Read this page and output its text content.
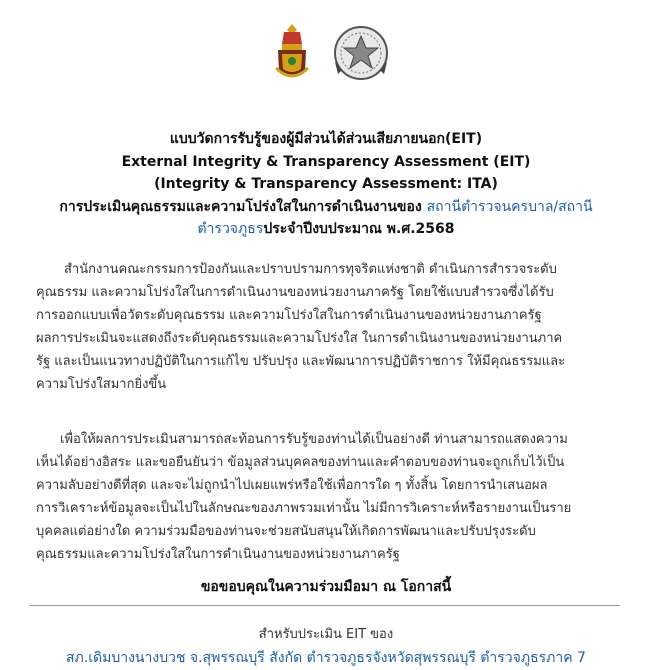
แบบวัดการรับรู้ของผู้มีส่วนได้ส่วนเสียภายนอก(EIT)
External Integrity & Transparency Assessment (EIT)
(Integrity & Transparency Assessment: ITA)
การประเมินคุณธรรมและความโปร่งใสในการดำเนินงานของ สถานีตำรวจนครบาล/สถานี
ตำรวจภูธรประจำปีงบประมาณ พ.ศ.2568
สำนักงานคณะกรรมการป้องกันและปราบปรามการทุจริตแห่งชาติ ดำเนินการสำรวจระดับ
คุณธรรม และความโปร่งใสในการดำเนินงานของหน่วยงานภาครัฐ โดยใช้แบบสำรวจซึ่งได้รับ
การออกแบบเพื่อวัดระดับคุณธรรม และความโปร่งใสในการดำเนินงานของหน่วยงานภาครัฐ
ผลการประเมินจะแสดงถึงระดับคุณธรรมและความโปร่งใส ในการดำเนินงานของหน่วยงานภาค
รัฐ และเป็นแนวทางปฏิบัติในการแก้ไข ปรับปรุง และพัฒนาการปฏิบัติราชการ ให้มีคุณธรรมและ
ความโปร่งใสมากยิ่งขึ้น
เพื่อให้ผลการประเมินสามารถสะท้อนการรับรู้ของท่านได้เป็นอย่างดี ท่านสามารถแสดงความ
เห็นได้อย่างอิสระ และขอยืนยันว่า ข้อมูลส่วนบุคคลของท่านและคำตอบของท่านจะถูกเก็บไว้เป็น
ความลับอย่างดีที่สุด และจะไม่ถูกนำไปเผยแพร่หรือใช้เพื่อการใด ๆ ทั้งสิ้น โดยการนำเสนอผล
การวิเคราะห์ข้อมูลจะเป็นไปในลักษณะของภาพรวมเท่านั้น ไม่มีการวิเคราะห์หรือรายงานเป็นราย
บุคคลแต่อย่างใด ความร่วมมือของท่านจะช่วยสนับสนุนให้เกิดการพัฒนาและปรับปรุงระดับ
คุณธรรมและความโปร่งใสในการดำเนินงานของหน่วยงานภาครัฐ
ขอขอบคุณในความร่วมมือมา ณ โอกาสนี้
สำหรับประเมิน EIT ของ
สภ.เดิมบางนางบวช จ.สุพรรณบุรี สังกัด ตำรวจภูธรจังหวัดสุพรรณบุรี ตำรวจภูธรภาค 7
